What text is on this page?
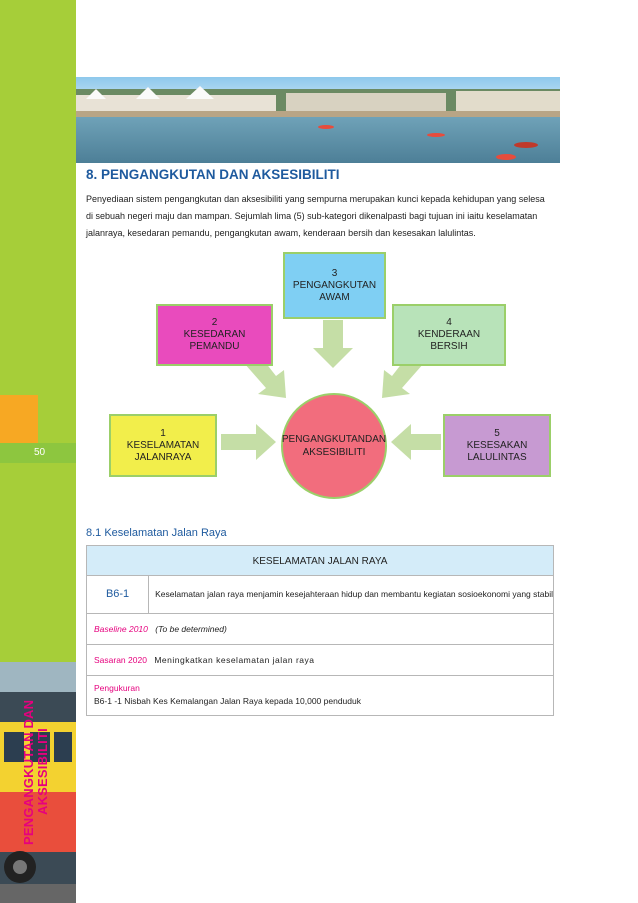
50
PENGANGKUTAN DAN
AKSESIBILITI
8. PENGANGKUTAN DAN AKSESIBILITI

Penyediaan sistem pengangkutan dan aksesibiliti yang sempurna merupakan kunci kepada kehidupan yang selesa di sebuah negeri maju dan mampan. Sejumlah lima (5) sub-kategori dikenalpasti bagi tujuan ini iaitu keselamatan jalanraya, kesedaran pemandu, pengangkutan awam, kenderaan bersih dan kesesakan lalulintas.

3
PENGANGKUTAN
AWAM
2
KESEDARAN
PEMANDU
4
KENDERAAN
BERSIH
1
KESELAMATAN
JALANRAYA
5
KESESAKAN
LALULINTAS
PENGANGKUTANDAN AKSESIBILITI
8.1 Keselamatan Jalan Raya
KESELAMATAN JALAN RAYA
B6-1	Keselamatan jalan raya menjamin kesejahteraan hidup dan membantu kegiatan sosioekonomi yang stabil
Baseline 2010 (To be determined)
Sasaran 2020 Meningkatkan keselamatan jalan raya
Pengukuran
B6-1 -1 Nisbah Kes Kemalangan Jalan Raya kepada 10,000 penduduk
